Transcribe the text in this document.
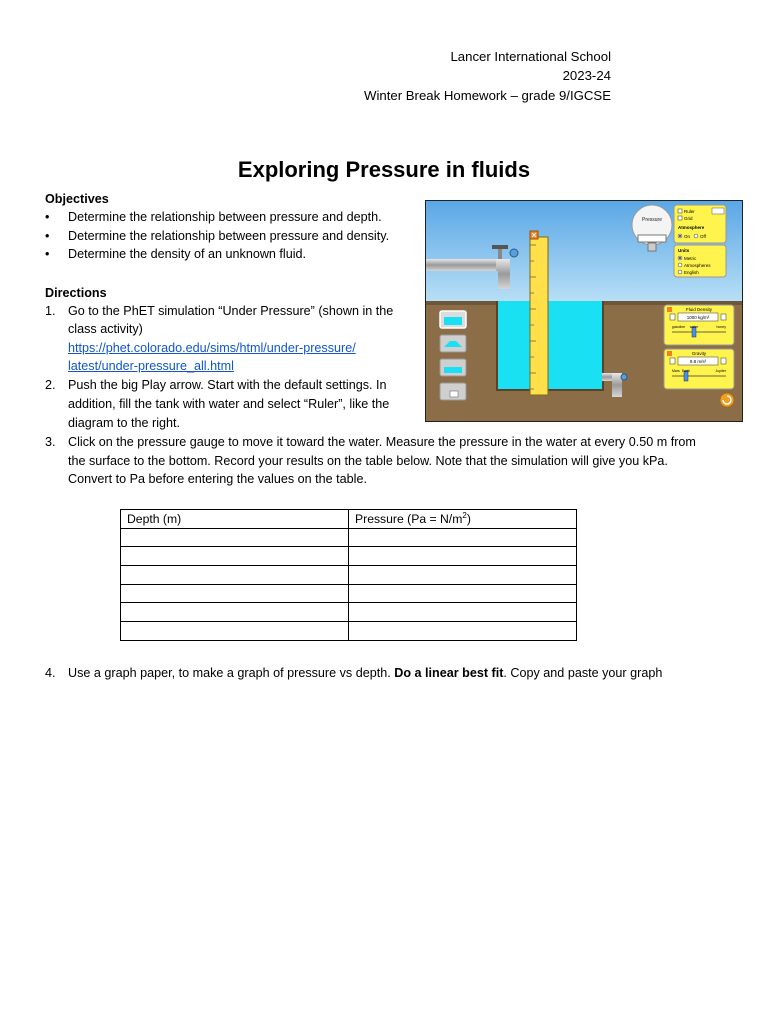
Lancer International School
2023-24
Winter Break Homework – grade 9/IGCSE
Exploring Pressure in fluids
Objectives
• Determine the relationship between pressure and depth.
• Determine the relationship between pressure and density.
• Determine the density of an unknown fluid.
Directions
1. Go to the PhET simulation “Under Pressure” (shown in the
class activity)
https://phet.colorado.edu/sims/html/under-pressure/
latest/under-pressure_all.html
2. Push the big Play arrow. Start with the default settings. In
addition, fill the tank with water and select “Ruler”, like the
diagram to the right.
3. Click on the pressure gauge to move it toward the water. Measure the pressure in the water at every 0.50 m from
the surface to the bottom. Record your results on the table below. Note that the simulation will give you kPa.
Convert to Pa before entering the values on the table.
4. Use a graph paper, to make a graph of pressure vs depth. Do a linear best fit. Copy and paste your graph
Depth (m)	Pressure $(Pa = N/m^2)$

Pressure
Ruler
Grid
Atmosphere
On Off
Units
Metric
Atmospheres
English
Fluid Density
1000 kg/m³
gasoline water	honey
Gravity
9.8 m/s²
Mars Earth	Jupiter
